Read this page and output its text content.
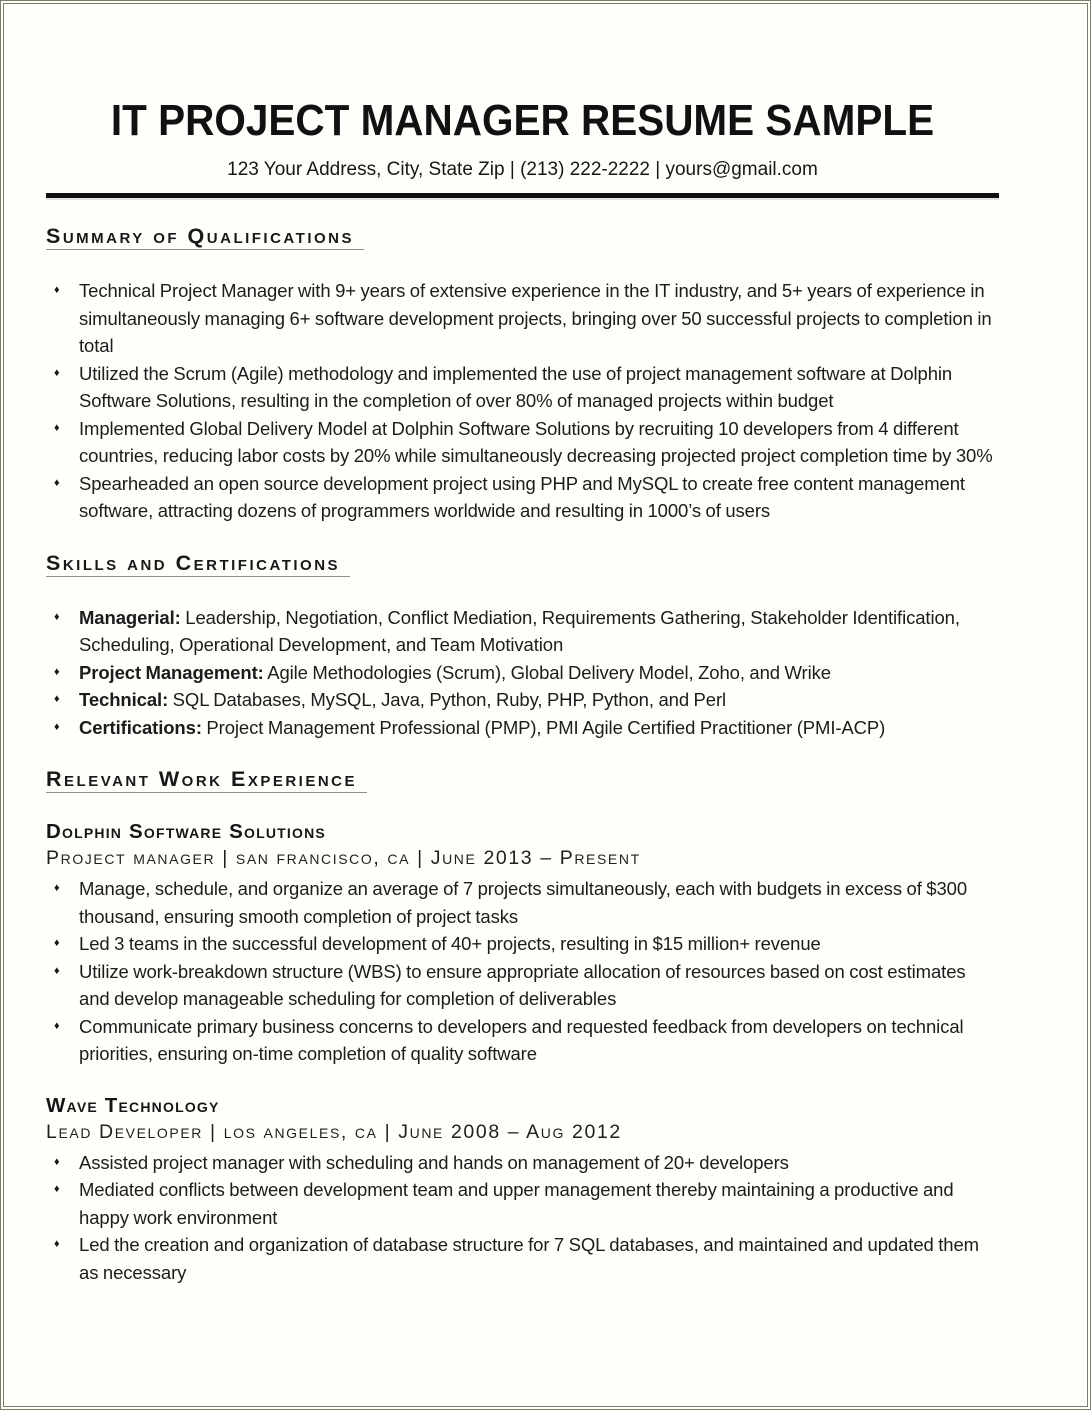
IT PROJECT MANAGER RESUME SAMPLE

123 Your Address, City, State Zip | (213) 222-2222 | yours@gmail.com

Summary of Qualifications
♦ Technical Project Manager with 9+ years of extensive experience in the IT industry, and 5+ years of experience in simultaneously managing 6+ software development projects, bringing over 50 successful projects to completion in total
♦ Utilized the Scrum (Agile) methodology and implemented the use of project management software at Dolphin Software Solutions, resulting in the completion of over 80% of managed projects within budget
♦ Implemented Global Delivery Model at Dolphin Software Solutions by recruiting 10 developers from 4 different countries, reducing labor costs by 20% while simultaneously decreasing projected project completion time by 30%
♦ Spearheaded an open source development project using PHP and MySQL to create free content management software, attracting dozens of programmers worldwide and resulting in 1000’s of users
Skills and Certifications
♦ Managerial: Leadership, Negotiation, Conflict Mediation, Requirements Gathering, Stakeholder Identification, Scheduling, Operational Development, and Team Motivation
♦ Project Management: Agile Methodologies (Scrum), Global Delivery Model, Zoho, and Wrike
♦ Technical: SQL Databases, MySQL, Java, Python, Ruby, PHP, Python, and Perl
♦ Certifications: Project Management Professional (PMP), PMI Agile Certified Practitioner (PMI-ACP)
Relevant Work Experience
Dolphin Software Solutions

Project manager | san francisco, ca | June 2013 – Present

♦ Manage, schedule, and organize an average of 7 projects simultaneously, each with budgets in excess of $300 thousand, ensuring smooth completion of project tasks
♦ Led 3 teams in the successful development of 40+ projects, resulting in $15 million+ revenue
♦ Utilize work-breakdown structure (WBS) to ensure appropriate allocation of resources based on cost estimates and develop manageable scheduling for completion of deliverables
♦ Communicate primary business concerns to developers and requested feedback from developers on technical priorities, ensuring on-time completion of quality software
Wave Technology

Lead Developer | los angeles, ca | June 2008 – Aug 2012

♦ Assisted project manager with scheduling and hands on management of 20+ developers
♦ Mediated conflicts between development team and upper management thereby maintaining a productive and happy work environment
♦ Led the creation and organization of database structure for 7 SQL databases, and maintained and updated them as necessary
